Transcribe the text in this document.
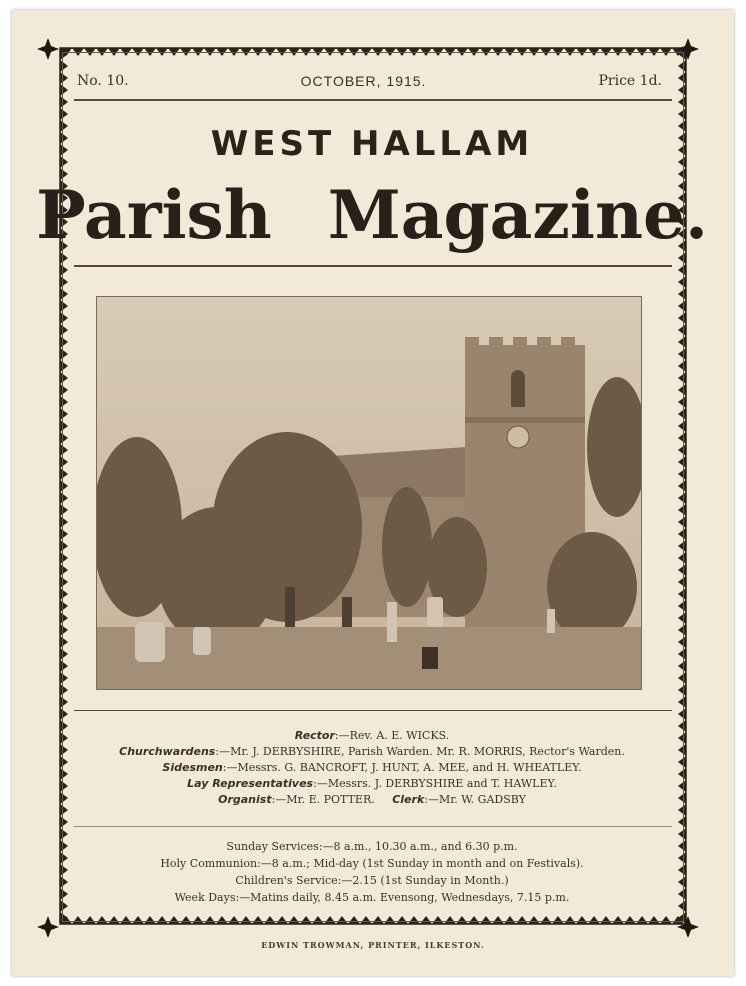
No. 10.	OCTOBER, 1915.	Price 1d.
WEST HALLAM
Parish Magazine.
Rector:—Rev. A. E. WICKS.
Churchwardens:—Mr. J. DERBYSHIRE, Parish Warden. Mr. R. MORRIS, Rector's Warden.
Sidesmen:—Messrs. G. BANCROFT, J. HUNT, A. MEE, and H. WHEATLEY.
Lay Representatives:—Messrs. J. DERBYSHIRE and T. HAWLEY.
Organist:—Mr. E. POTTER. Clerk:—Mr. W. GADSBY
Sunday Services:—8 a.m., 10.30 a.m., and 6.30 p.m.
Holy Communion:—8 a.m.; Mid-day (1st Sunday in month and on Festivals).
Children's Service:—2.15 (1st Sunday in Month.)
Week Days:—Matins daily, 8.45 a.m. Evensong, Wednesdays, 7.15 p.m.
EDWIN TROWMAN, PRINTER, ILKESTON.
